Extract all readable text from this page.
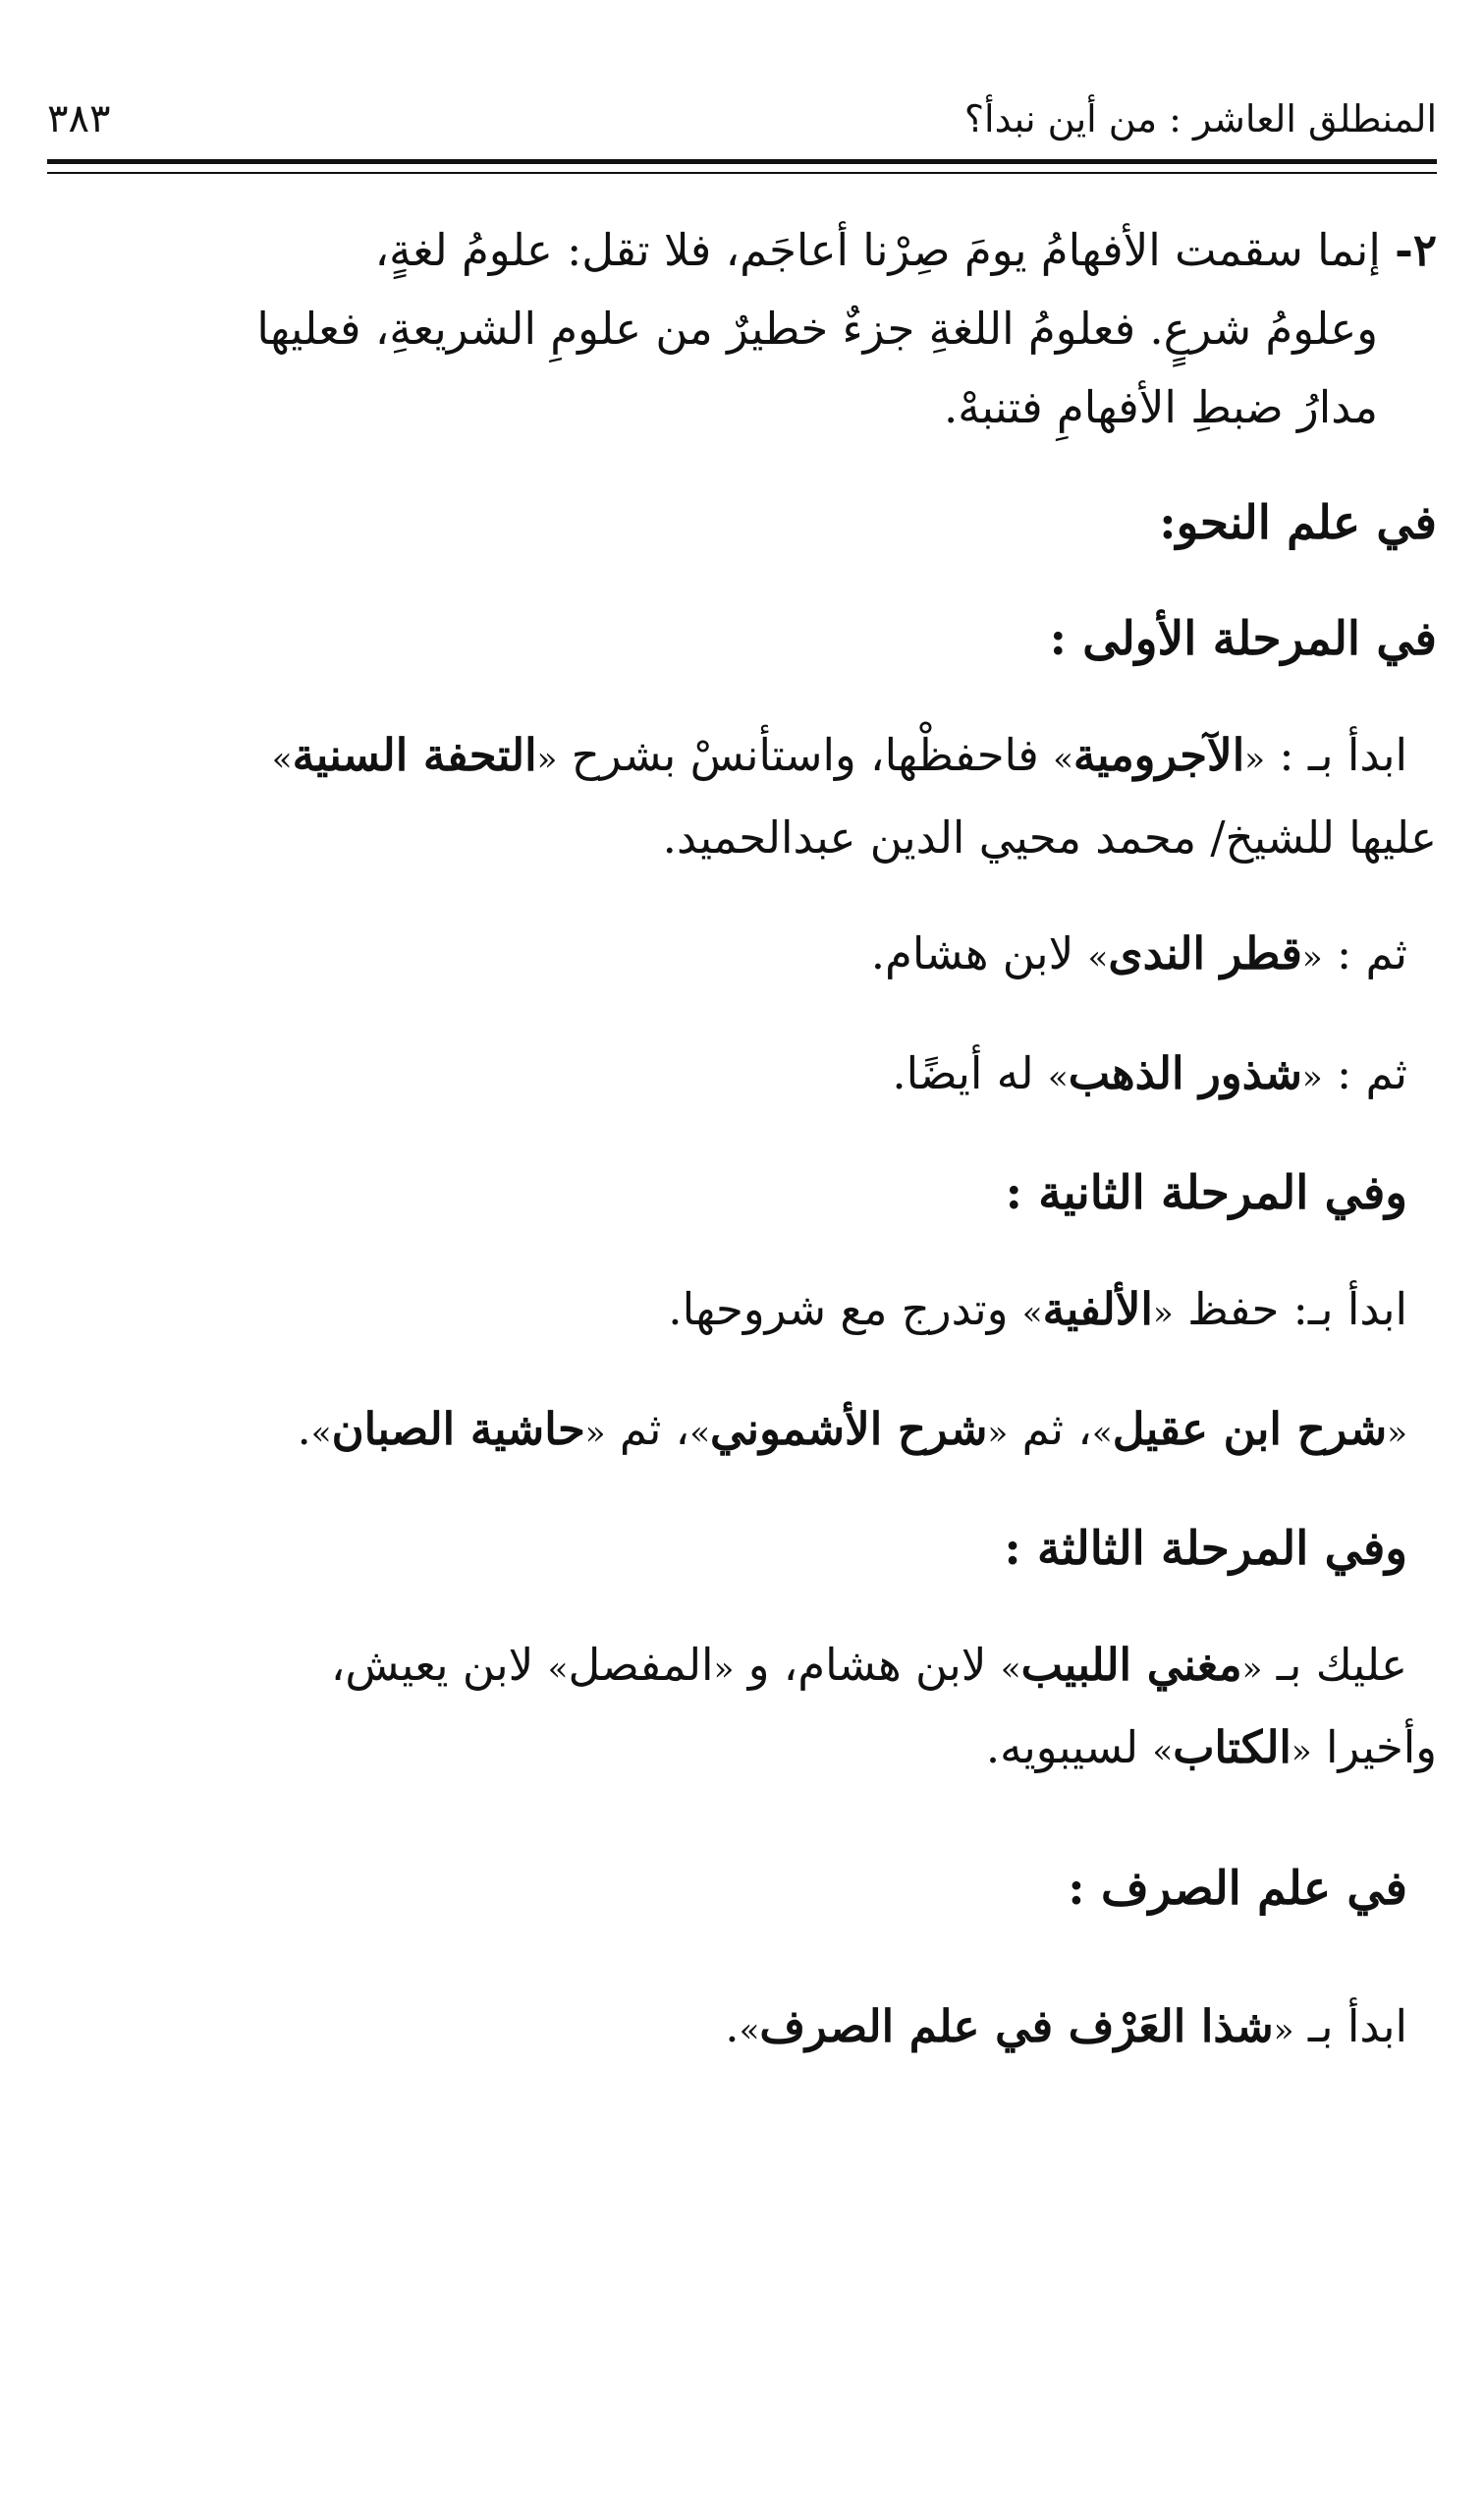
المنطلق العاشر : من أين نبدأ؟
٣٨٣

٢- إنما سقمت الأفهامُ يومَ صِرْنا أعاجَم، فلا تقل: علومُ لغةٍ،

وعلومُ شرعٍ. فعلومُ اللغةِ جزءٌ خطيرٌ من علومِ الشريعةِ، فعليها

مدارُ ضبطِ الأفهامِ فتنبهْ.

في علم النحو:

في المرحلة الأولى :

ابدأ بـ : «الآجرومية» فاحفظْها، واستأنسْ بشرح «التحفة السنية»

عليها للشيخ/ محمد محيي الدين عبدالحميد.

ثم : «قطر الندى» لابن هشام.

ثم : «شذور الذهب» له أيضًا.

وفي المرحلة الثانية :

ابدأ بـ: حفظ «الألفية» وتدرج مع شروحها.

«شرح ابن عقيل»، ثم «شرح الأشموني»، ثم «حاشية الصبان».

وفي المرحلة الثالثة :

عليك بـ «مغني اللبيب» لابن هشام، و «المفصل» لابن يعيش،

وأخيرا «الكتاب» لسيبويه.

في علم الصرف :

ابدأ بـ «شذا العَرْف في علم الصرف».
